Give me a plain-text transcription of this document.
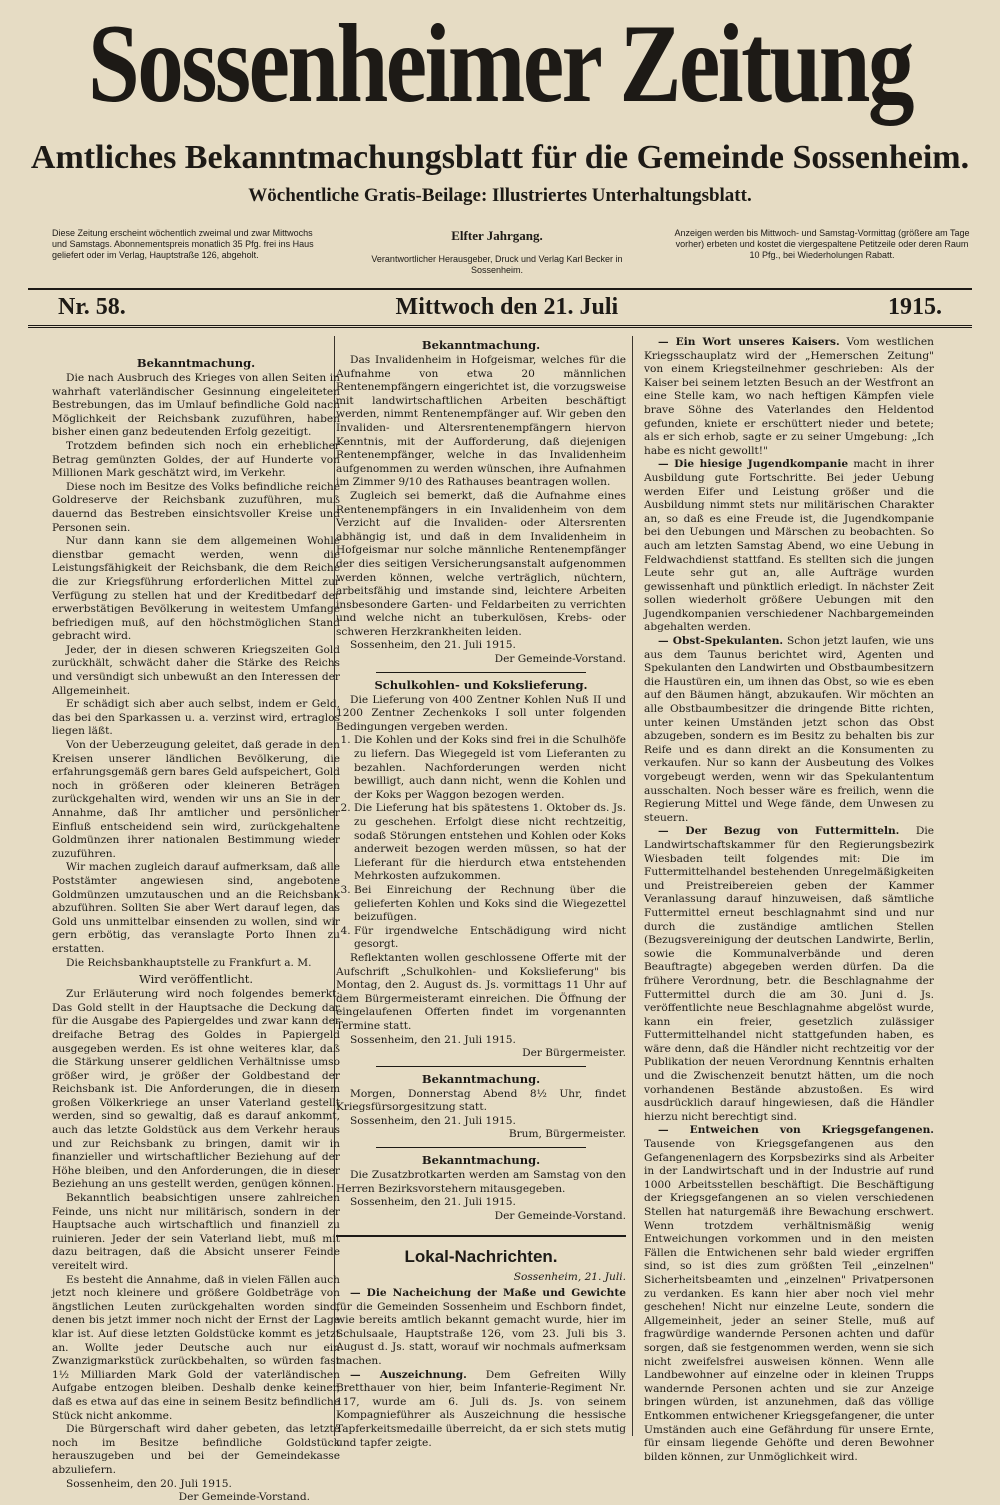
Sossenheimer Zeitung
Amtliches Bekanntmachungsblatt für die Gemeinde Sossenheim.
Wöchentliche Gratis-Beilage: Illustriertes Unterhaltungsblatt.
Diese Zeitung erscheint wöchentlich zweimal und zwar Mittwochs und Samstags. Abonnementspreis monatlich 35 Pfg. frei ins Haus geliefert oder im Verlag, Hauptstraße 126, abgeholt.
Elfter Jahrgang.
Verantwortlicher Herausgeber, Druck und Verlag Karl Becker in Sossenheim.
Anzeigen werden bis Mittwoch- und Samstag-Vormittag (größere am Tage vorher) erbeten und kostet die viergespaltene Petitzeile oder deren Raum 10 Pfg., bei Wiederholungen Rabatt.
Nr. 58.	Mittwoch den 21. Juli	1915.
Bekanntmachung.

Die nach Ausbruch des Krieges von allen Seiten in wahrhaft vaterländischer Gesinnung eingeleiteten Bestrebungen, das im Umlauf befindliche Gold nach Möglichkeit der Reichsbank zuzuführen, haben bisher einen ganz bedeutenden Erfolg gezeitigt.

Trotzdem befinden sich noch ein erheblicher Betrag gemünzten Goldes, der auf Hunderte von Millionen Mark geschätzt wird, im Verkehr.

Diese noch im Besitze des Volks befindliche reiche Goldreserve der Reichsbank zuzuführen, muß dauernd das Bestreben einsichtsvoller Kreise und Personen sein.

Nur dann kann sie dem allgemeinen Wohle dienstbar gemacht werden, wenn die Leistungsfähigkeit der Reichsbank, die dem Reiche die zur Kriegsführung erforderlichen Mittel zur Verfügung zu stellen hat und der Kreditbedarf der erwerbstätigen Bevölkerung in weitestem Umfange befriedigen muß, auf den höchstmöglichen Stand gebracht wird.

Jeder, der in diesen schweren Kriegszeiten Gold zurückhält, schwächt daher die Stärke des Reichs und versündigt sich unbewußt an den Interessen der Allgemeinheit.

Er schädigt sich aber auch selbst, indem er Geld, das bei den Sparkassen u. a. verzinst wird, ertraglos liegen läßt.

Von der Ueberzeugung geleitet, daß gerade in den Kreisen unserer ländlichen Bevölkerung, die erfahrungsgemäß gern bares Geld aufspeichert, Gold noch in größeren oder kleineren Beträgen zurückgehalten wird, wenden wir uns an Sie in der Annahme, daß Ihr amtlicher und persönlicher Einfluß entscheidend sein wird, zurückgehaltene Goldmünzen ihrer nationalen Bestimmung wieder zuzuführen.

Wir machen zugleich darauf aufmerksam, daß alle Poststämter angewiesen sind, angebotene Goldmünzen umzutauschen und an die Reichsbank abzuführen. Sollten Sie aber Wert darauf legen, das Gold uns unmittelbar einsenden zu wollen, sind wir gern erbötig, das veranslagte Porto Ihnen zu erstatten.

Die Reichsbankhauptstelle zu Frankfurt a. M.

Wird veröffentlicht.

Zur Erläuterung wird noch folgendes bemerkt: Das Gold stellt in der Hauptsache die Deckung dar für die Ausgabe des Papiergeldes und zwar kann der dreifache Betrag des Goldes in Papiergeld ausgegeben werden. Es ist ohne weiteres klar, daß die Stärkung unserer geldlichen Verhältnisse umso größer wird, je größer der Goldbestand der Reichsbank ist. Die Anforderungen, die in diesem großen Völkerkriege an unser Vaterland gestellt werden, sind so gewaltig, daß es darauf ankommt, auch das letzte Goldstück aus dem Verkehr heraus und zur Reichsbank zu bringen, damit wir in finanzieller und wirtschaftlicher Beziehung auf der Höhe bleiben, und den Anforderungen, die in dieser Beziehung an uns gestellt werden, genügen können.

Bekanntlich beabsichtigen unsere zahlreichen Feinde, uns nicht nur militärisch, sondern in der Hauptsache auch wirtschaftlich und finanziell zu ruinieren. Jeder der sein Vaterland liebt, muß mit dazu beitragen, daß die Absicht unserer Feinde vereitelt wird.

Es besteht die Annahme, daß in vielen Fällen auch jetzt noch kleinere und größere Goldbeträge von ängstlichen Leuten zurückgehalten worden sind, denen bis jetzt immer noch nicht der Ernst der Lage klar ist. Auf diese letzten Goldstücke kommt es jetzt an. Wollte jeder Deutsche auch nur ein Zwanzigmarkstück zurückbehalten, so würden fast 1½ Milliarden Mark Gold der vaterländischen Aufgabe entzogen bleiben. Deshalb denke keiner, daß es etwa auf das eine in seinem Besitz befindliche Stück nicht ankomme.

Die Bürgerschaft wird daher gebeten, das letzte noch im Besitze befindliche Goldstück herauszugeben und bei der Gemeindekasse abzuliefern.

Sossenheim, den 20. Juli 1915.

Der Gemeinde-Vorstand.

Bekanntmachung.

Das Invalidenheim in Hofgeismar, welches für die Aufnahme von etwa 20 männlichen Rentenempfängern eingerichtet ist, die vorzugsweise mit landwirtschaftlichen Arbeiten beschäftigt werden, nimmt Rentenempfänger auf. Wir geben den Invaliden- und Altersrentenempfängern hiervon Kenntnis, mit der Aufforderung, daß diejenigen Rentenempfänger, welche in das Invalidenheim aufgenommen zu werden wünschen, ihre Aufnahmen im Zimmer 9/10 des Rathauses beantragen wollen.

Zugleich sei bemerkt, daß die Aufnahme eines Rentenempfängers in ein Invalidenheim von dem Verzicht auf die Invaliden- oder Altersrenten abhängig ist, und daß in dem Invalidenheim in Hofgeismar nur solche männliche Rentenempfänger der dies seitigen Versicherungsanstalt aufgenommen werden können, welche verträglich, nüchtern, arbeitsfähig und imstande sind, leichtere Arbeiten insbesondere Garten- und Feldarbeiten zu verrichten und welche nicht an tuberkulösen, Krebs- oder schweren Herzkrankheiten leiden.

Sossenheim, den 21. Juli 1915.

Der Gemeinde-Vorstand.

Schulkohlen- und Kokslieferung.

Die Lieferung von 400 Zentner Kohlen Nuß II und 1200 Zentner Zechenkoks I soll unter folgenden Bedingungen vergeben werden.

1. Die Kohlen und der Koks sind frei in die Schulhöfe zu liefern. Das Wiegegeld ist vom Lieferanten zu bezahlen. Nachforderungen werden nicht bewilligt, auch dann nicht, wenn die Kohlen und der Koks per Waggon bezogen werden.
2. Die Lieferung hat bis spätestens 1. Oktober ds. Js. zu geschehen. Erfolgt diese nicht rechtzeitig, sodaß Störungen entstehen und Kohlen oder Koks anderweit bezogen werden müssen, so hat der Lieferant für die hierdurch etwa entstehenden Mehrkosten aufzukommen.
3. Bei Einreichung der Rechnung über die gelieferten Kohlen und Koks sind die Wiegezettel beizufügen.
4. Für irgendwelche Entschädigung wird nicht gesorgt.

Reflektanten wollen geschlossene Offerte mit der Aufschrift „Schulkohlen- und Kokslieferung" bis Montag, den 2. August ds. Js. vormittags 11 Uhr auf dem Bürgermeisteramt einreichen. Die Öffnung der eingelaufenen Offerten findet im vorgenannten Termine statt.

Sossenheim, den 21. Juli 1915.

Der Bürgermeister.

Bekanntmachung.

Morgen, Donnerstag Abend 8½ Uhr, findet Kriegsfürsorgesitzung statt.

Sossenheim, den 21. Juli 1915.

Brum, Bürgermeister.

Bekanntmachung.

Die Zusatzbrotkarten werden am Samstag von den Herren Bezirksvorstehern mitausgegeben.

Sossenheim, den 21. Juli 1915.

Der Gemeinde-Vorstand.

Lokal-Nachrichten.

Sossenheim, 21. Juli.

— Die Nacheichung der Maße und Gewichte für die Gemeinden Sossenheim und Eschborn findet, wie bereits amtlich bekannt gemacht wurde, hier im Schulsaale, Hauptstraße 126, vom 23. Juli bis 3. August d. Js. statt, worauf wir nochmals aufmerksam machen.

— Auszeichnung. Dem Gefreiten Willy Bretthauer von hier, beim Infanterie-Regiment Nr. 117, wurde am 6. Juli ds. Js. von seinem Kompagnieführer als Auszeichnung die hessische Tapferkeitsmedaille überreicht, da er sich stets mutig und tapfer zeigte.

— Ein Wort unseres Kaisers. Vom westlichen Kriegsschauplatz wird der „Hemerschen Zeitung" von einem Kriegsteilnehmer geschrieben: Als der Kaiser bei seinem letzten Besuch an der Westfront an eine Stelle kam, wo nach heftigen Kämpfen viele brave Söhne des Vaterlandes den Heldentod gefunden, kniete er erschüttert nieder und betete; als er sich erhob, sagte er zu seiner Umgebung: „Ich habe es nicht gewollt!"

— Die hiesige Jugendkompanie macht in ihrer Ausbildung gute Fortschritte. Bei jeder Uebung werden Eifer und Leistung größer und die Ausbildung nimmt stets nur militärischen Charakter an, so daß es eine Freude ist, die Jugendkompanie bei den Uebungen und Märschen zu beobachten. So auch am letzten Samstag Abend, wo eine Uebung in Feldwachdienst stattfand. Es stellten sich die jungen Leute sehr gut an, alle Aufträge wurden gewissenhaft und pünktlich erledigt. In nächster Zeit sollen wiederholt größere Uebungen mit den Jugendkompanien verschiedener Nachbargemeinden abgehalten werden.

— Obst-Spekulanten. Schon jetzt laufen, wie uns aus dem Taunus berichtet wird, Agenten und Spekulanten den Landwirten und Obstbaumbesitzern die Haustüren ein, um ihnen das Obst, so wie es eben auf den Bäumen hängt, abzukaufen. Wir möchten an alle Obstbaumbesitzer die dringende Bitte richten, unter keinen Umständen jetzt schon das Obst abzugeben, sondern es im Besitz zu behalten bis zur Reife und es dann direkt an die Konsumenten zu verkaufen. Nur so kann der Ausbeutung des Volkes vorgebeugt werden, wenn wir das Spekulantentum ausschalten. Noch besser wäre es freilich, wenn die Regierung Mittel und Wege fände, dem Unwesen zu steuern.

— Der Bezug von Futtermitteln. Die Landwirtschaftskammer für den Regierungsbezirk Wiesbaden teilt folgendes mit: Die im Futtermittelhandel bestehenden Unregelmäßigkeiten und Preistreibereien geben der Kammer Veranlassung darauf hinzuweisen, daß sämtliche Futtermittel erneut beschlagnahmt sind und nur durch die zuständige amtlichen Stellen (Bezugsvereinigung der deutschen Landwirte, Berlin, sowie die Kommunalverbände und deren Beauftragte) abgegeben werden dürfen. Da die frühere Verordnung, betr. die Beschlagnahme der Futtermittel durch die am 30. Juni d. Js. veröffentlichte neue Beschlagnahme abgelöst wurde, kann ein freier, gesetzlich zulässiger Futtermittelhandel nicht stattgefunden haben, es wäre denn, daß die Händler nicht rechtzeitig vor der Publikation der neuen Verordnung Kenntnis erhalten und die Zwischenzeit benutzt hätten, um die noch vorhandenen Bestände abzustoßen. Es wird ausdrücklich darauf hingewiesen, daß die Händler hierzu nicht berechtigt sind.

— Entweichen von Kriegsgefangenen. Tausende von Kriegsgefangenen aus den Gefangenenlagern des Korpsbezirks sind als Arbeiter in der Landwirtschaft und in der Industrie auf rund 1000 Arbeitsstellen beschäftigt. Die Beschäftigung der Kriegsgefangenen an so vielen verschiedenen Stellen hat naturgemäß ihre Bewachung erschwert. Wenn trotzdem verhältnismäßig wenig Entweichungen vorkommen und in den meisten Fällen die Entwichenen sehr bald wieder ergriffen sind, so ist dies zum größten Teil „einzelnen" Sicherheitsbeamten und „einzelnen" Privatpersonen zu verdanken. Es kann hier aber noch viel mehr geschehen! Nicht nur einzelne Leute, sondern die Allgemeinheit, jeder an seiner Stelle, muß auf fragwürdige wandernde Personen achten und dafür sorgen, daß sie festgenommen werden, wenn sie sich nicht zweifelsfrei ausweisen können. Wenn alle Landbewohner auf einzelne oder in kleinen Trupps wandernde Personen achten und sie zur Anzeige bringen würden, ist anzunehmen, daß das völlige Entkommen entwichener Kriegsgefangener, die unter Umständen auch eine Gefährdung für unsere Ernte, für einsam liegende Gehöfte und deren Bewohner bilden können, zur Unmöglichkeit wird.
